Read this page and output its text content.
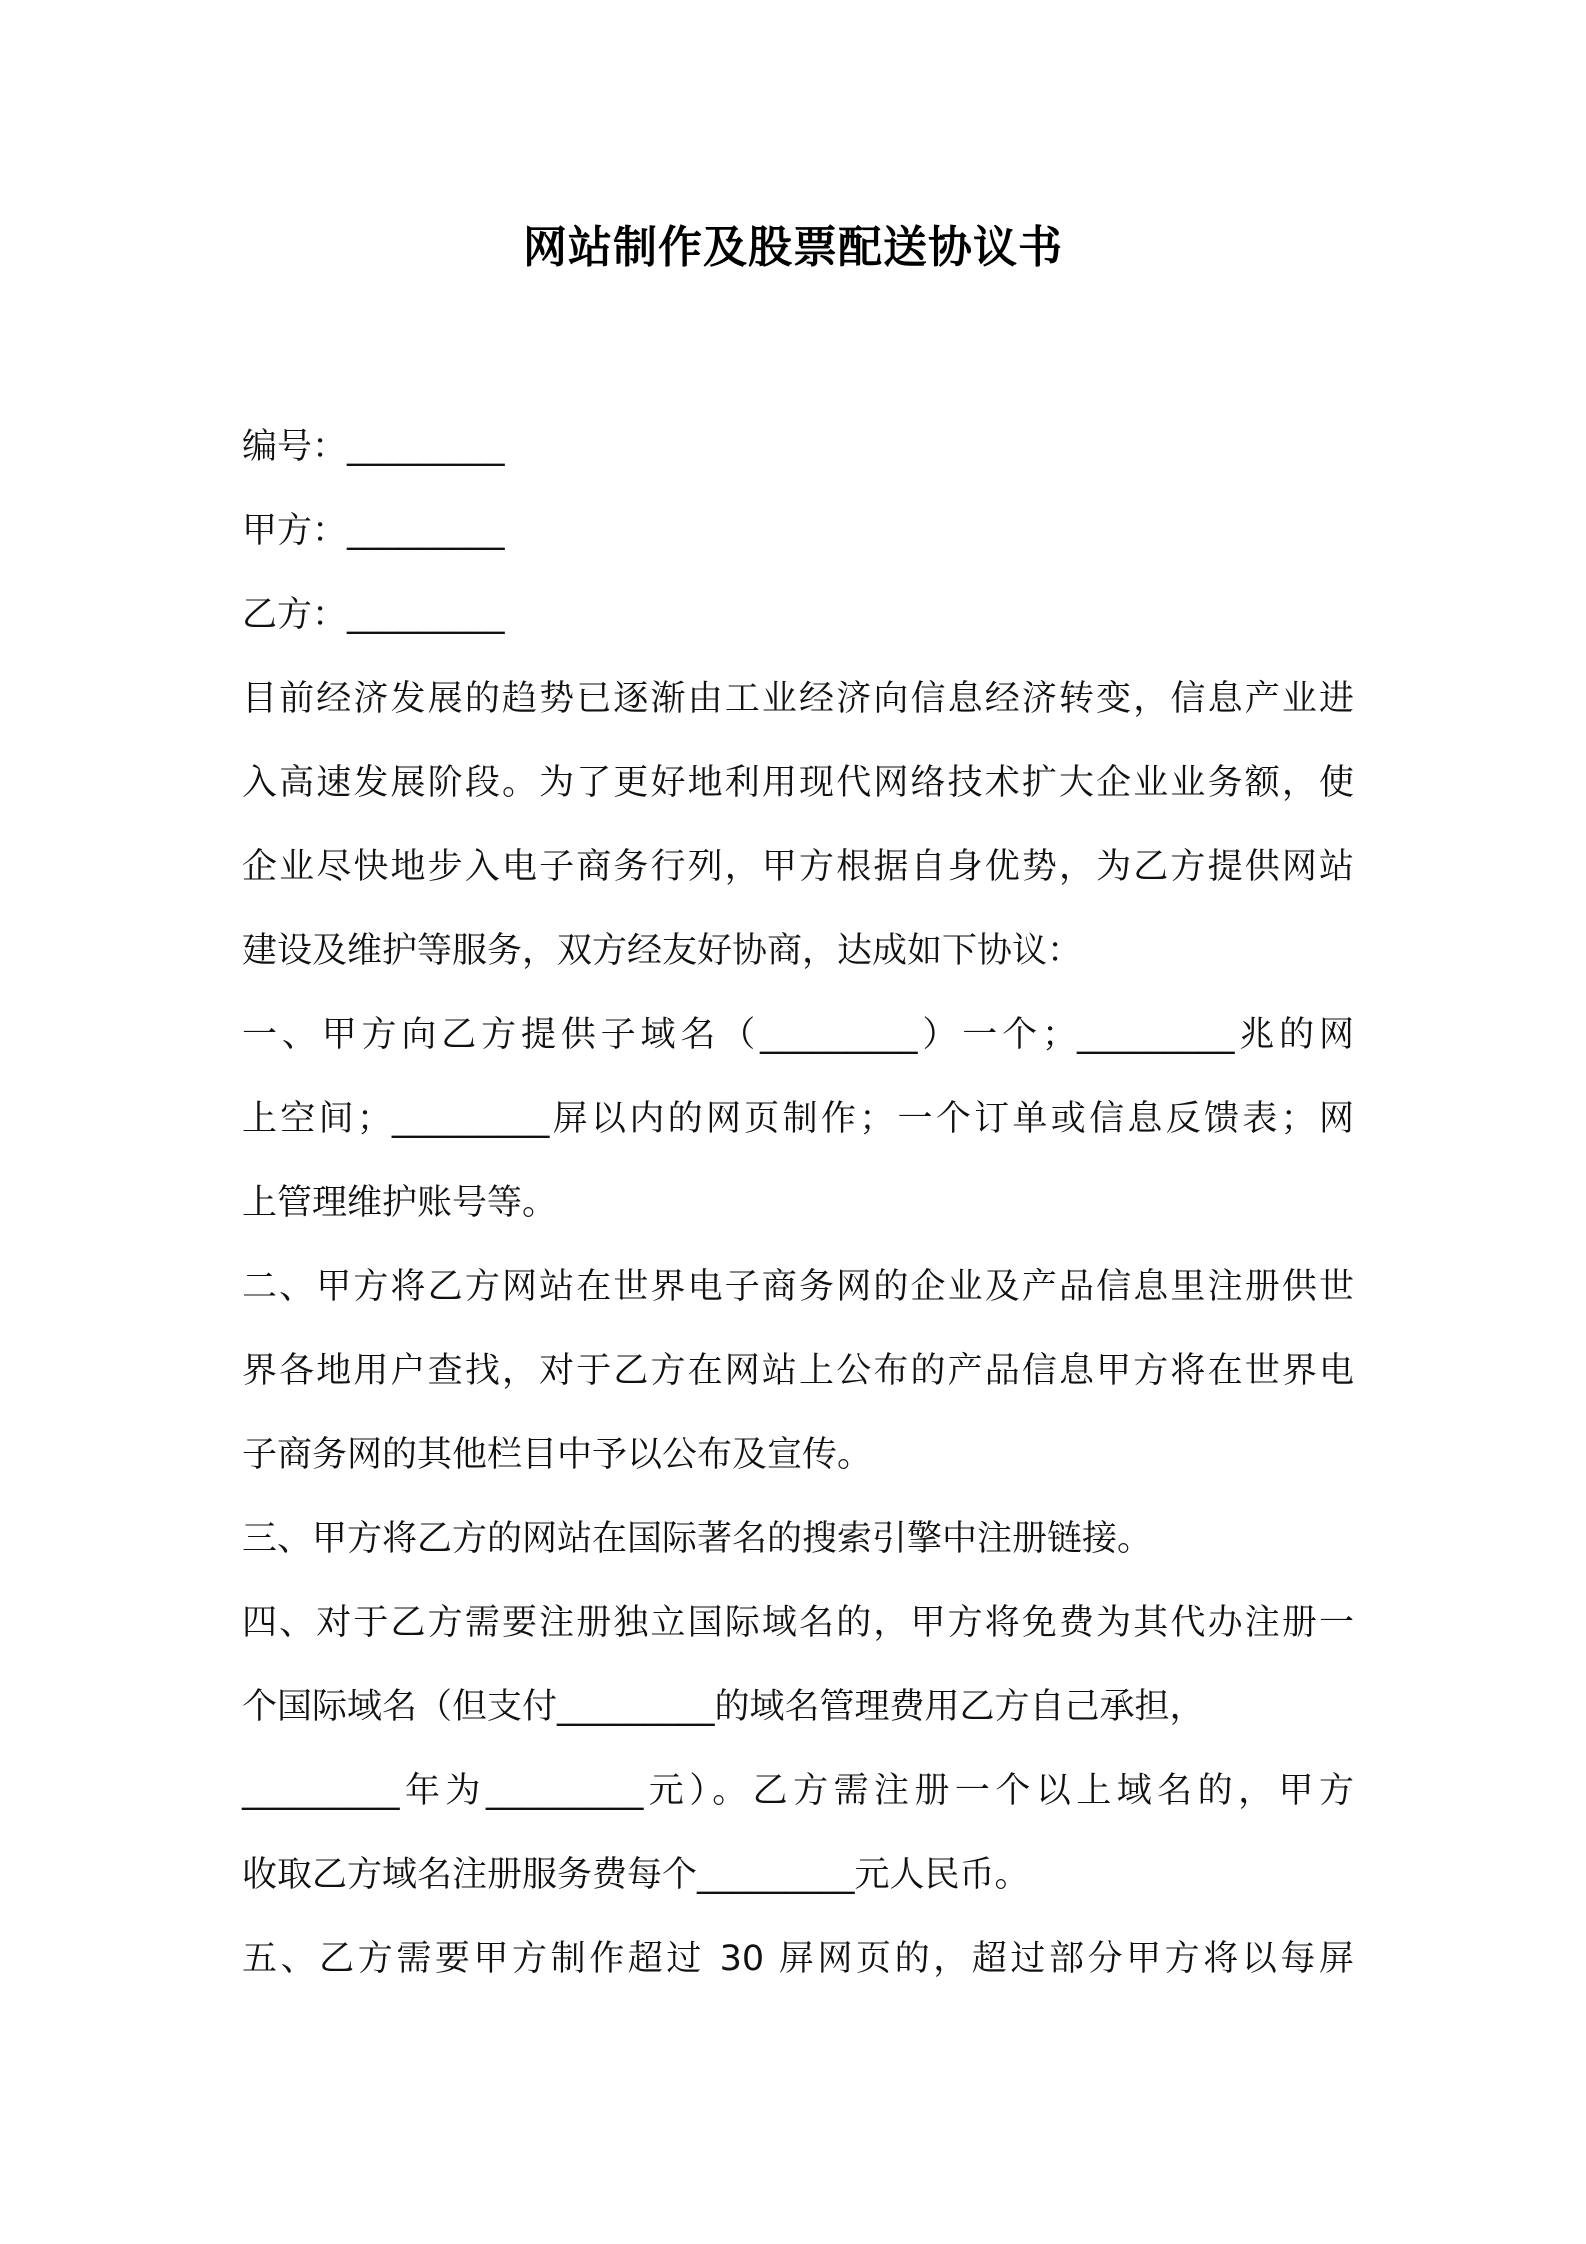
网站制作及股票配送协议书
编号：_________
甲方：_________
乙方：_________
目前经济发展的趋势已逐渐由工业经济向信息经济转变，信息产业进
入高速发展阶段。为了更好地利用现代网络技术扩大企业业务额，使
企业尽快地步入电子商务行列，甲方根据自身优势，为乙方提供网站
建设及维护等服务，双方经友好协商，达成如下协议：
一、甲方向乙方提供子域名（_________）一个；_________兆的网
上空间；_________屏以内的网页制作；一个订单或信息反馈表；网
上管理维护账号等。
二、甲方将乙方网站在世界电子商务网的企业及产品信息里注册供世
界各地用户查找，对于乙方在网站上公布的产品信息甲方将在世界电
子商务网的其他栏目中予以公布及宣传。
三、甲方将乙方的网站在国际著名的搜索引擎中注册链接。
四、对于乙方需要注册独立国际域名的，甲方将免费为其代办注册一
个国际域名（但支付_________的域名管理费用乙方自己承担，
_________年为_________元）。乙方需注册一个以上域名的，甲方
收取乙方域名注册服务费每个_________元人民币。
五、乙方需要甲方制作超过 30 屏网页的，超过部分甲方将以每屏
